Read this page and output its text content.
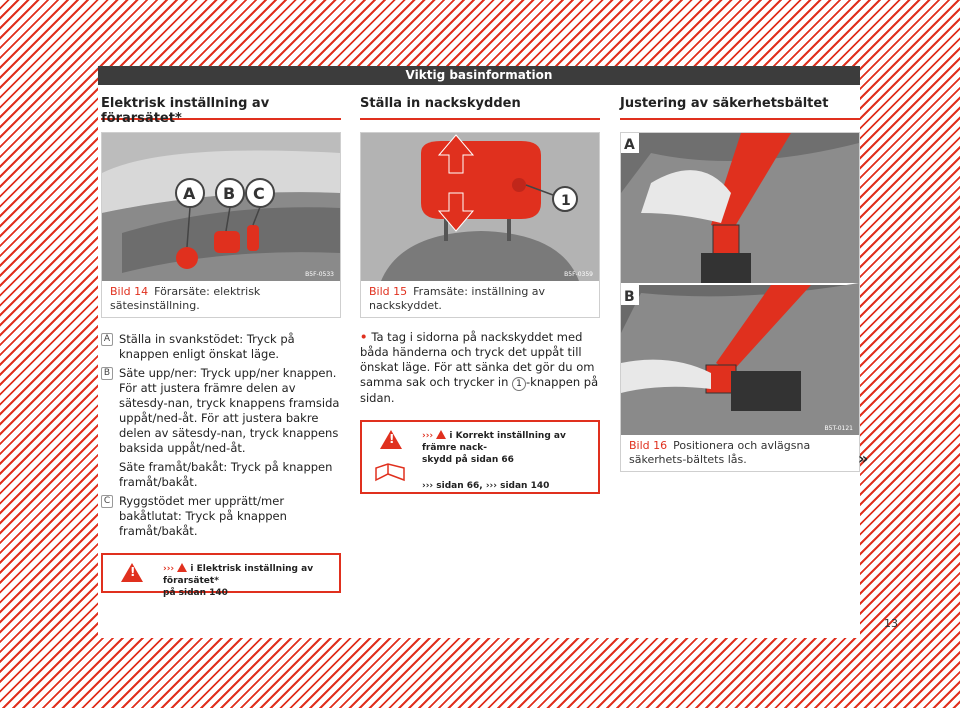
Viktig basinformation
Elektrisk inställning av förarsätet*
A B C
B5F-0533
Bild 14 Förarsäte: elektrisk sätesinställning.
A Ställa in svankstödet: Tryck på knappen enligt önskat läge.
B Säte upp/ner: Tryck upp/ner knappen. För att justera främre delen av sätesdy-nan, tryck knappens framsida uppåt/ned-åt. För att justera bakre delen av sätesdy-nan, tryck knappens baksida uppåt/ned-åt.
Säte framåt/bakåt: Tryck på knappen framåt/bakåt.
C Ryggstödet mer upprätt/mer bakåtlutat: Tryck på knappen framåt/bakåt.
!
››› i Elektrisk inställning av förarsätet*
på sidan 140
Ställa in nackskydden
1
B5F-0359
Bild 15 Framsäte: inställning av nackskyddet.
• Ta tag i sidorna på nackskyddet med båda händerna och tryck det uppåt till önskat läge. För att sänka det gör du om samma sak och trycker in 1 -knappen på sidan.
!
››› i Korrekt inställning av främre nack-
skydd på sidan 66
››› sidan 66, ››› sidan 140
Justering av säkerhetsbältet
A
B
B5T-0121
Bild 16 Positionera och avlägsna säkerhets-bältets lås.	»
13
